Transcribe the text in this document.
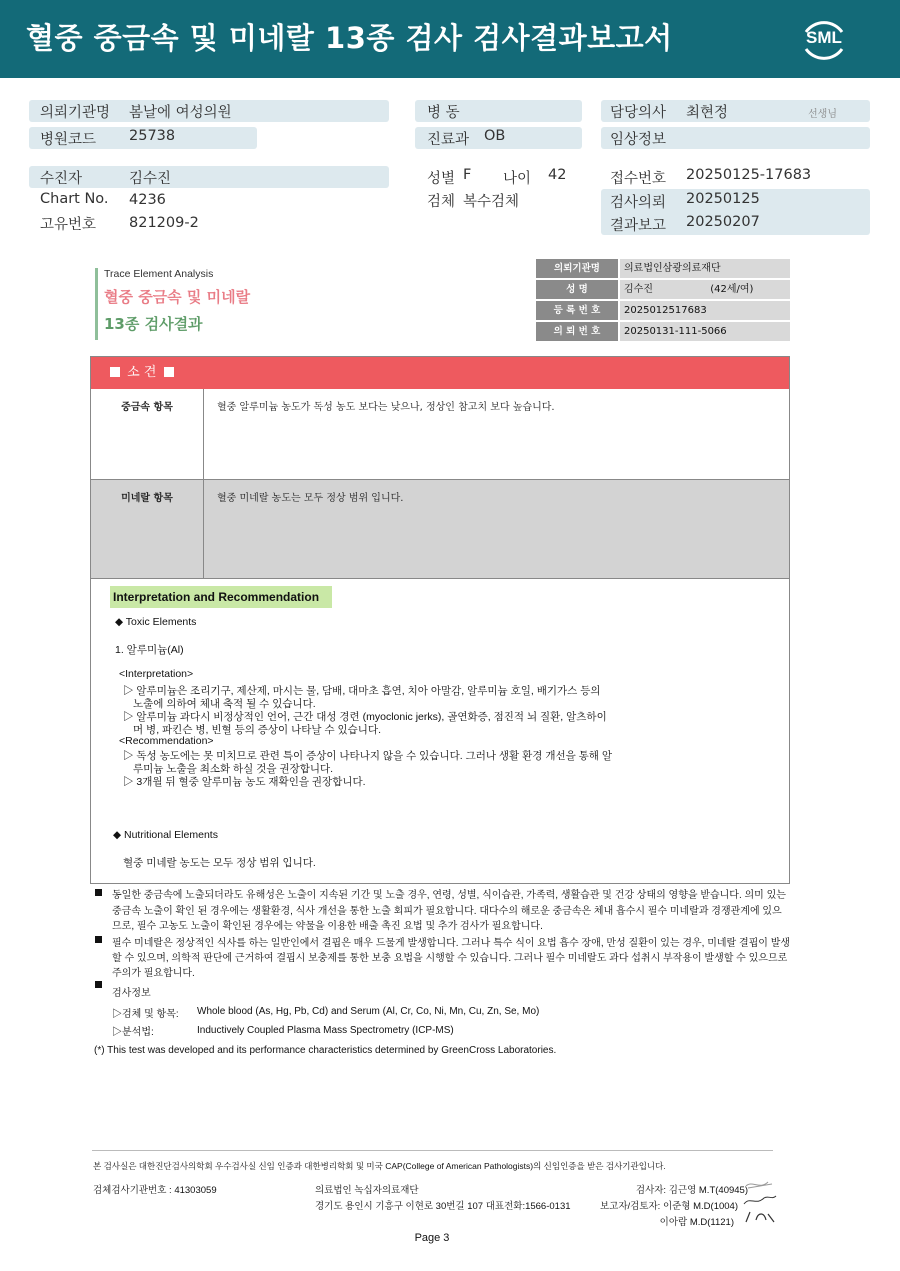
혈중 중금속 및 미네랄 13종 검사 검사결과보고서	SML
의뢰기관명 봄날에 여성의원
병원코드 25738
병 동
진료과 OB
담당의사 최현정	선생님
임상정보
수진자	김수진
Chart No. 4236
고유번호 821209-2
성별 F 나이 42
검체 복수검체
접수번호 20250125-17683
검사의뢰 20250125
결과보고 20250207
Trace Element Analysis
혈중 중금속 및 미네랄
13종 검사결과
의뢰기관명	의료법인삼광의료재단
성 명	김수진                  (42세/여)
등 록 번 호	2025012517683
의 뢰 번 호	20250131-111-5066
소 견
중금속 항목	혈중 알루미늄 농도가 독성 농도 보다는 낮으나, 정상인 참고치 보다 높습니다.
미네랄 항목	혈중 미네랄 농도는 모두 정상 범위 입니다.
Interpretation and Recommendation
◆ Toxic Elements
1. 알루미늄(Al)
<Interpretation>
▷ 알루미늄은 조리기구, 제산제, 마시는 물, 담배, 대마초 흡연, 치아 아말감, 알루미늄 호일, 배기가스 등의
노출에 의하여 체내 축적 될 수 있습니다.
▷ 알루미늄 과다시 비정상적인 언어, 근간 대성 경련 (myoclonic jerks), 골연화증, 점진적 뇌 질환, 알츠하이
머 병, 파킨슨 병, 빈혈 등의 증상이 나타날 수 있습니다.
<Recommendation>
▷ 독성 농도에는 못 미치므로 관련 특이 증상이 나타나지 않을 수 있습니다. 그러나 생활 환경 개선을 통해 알
루미늄 노출을 최소화 하실 것을 권장합니다.
▷ 3개월 뒤 혈중 알루미늄 농도 재확인을 권장합니다.
◆ Nutritional Elements
혈중 미네랄 농도는 모두 정상 범위 입니다.
동일한 중금속에 노출되더라도 유해성은 노출이 지속된 기간 및 노출 경우, 연령, 성별, 식이습관, 가족력, 생활습관 및 건강 상태의 영향을 받습니다. 의미 있는
중금속 노출이 확인 된 경우에는 생활환경, 식사 개선을 통한 노출 회피가 필요합니다. 대다수의 해로운 중금속은 체내 흡수시 필수 미네랄과 경쟁관계에 있으
므로, 필수 고농도 노출이 확인된 경우에는 약물을 이용한 배출 촉진 요법 및 추가 검사가 필요합니다.
필수 미네랄은 정상적인 식사를 하는 일반인에서 결핍은 매우 드물게 발생합니다. 그러나 특수 식이 요법 흡수 장애, 만성 질환이 있는 경우, 미네랄 결핍이 발생
할 수 있으며, 의학적 판단에 근거하여 결핍시 보충제를 통한 보충 요법을 시행할 수 있습니다. 그러나 필수 미네랄도 과다 섭취시 부작용이 발생할 수 있으므로
주의가 필요합니다.
검사정보
▷검체 및 항목: Whole blood (As, Hg, Pb, Cd) and Serum (Al, Cr, Co, Ni, Mn, Cu, Zn, Se, Mo)
▷분석법:	Inductively Coupled Plasma Mass Spectrometry (ICP-MS)
(*) This test was developed and its performance characteristics determined by GreenCross Laboratories.
본 검사실은 대한진단검사의학회 우수검사실 신임 인증과 대한병리학회 및 미국 CAP(College of American Pathologists)의 신임인증을 받은 검사기관입니다.
검체검사기관번호 : 41303059	의료법인 녹십자의료재단
경기도 용인시 기흥구 이현로 30번길 107 대표전화:1566-0131
검사자: 김근영 M.T(40945)
보고자/검토자: 이준형 M.D(1004)
이아람 M.D(1121)
Page 3
